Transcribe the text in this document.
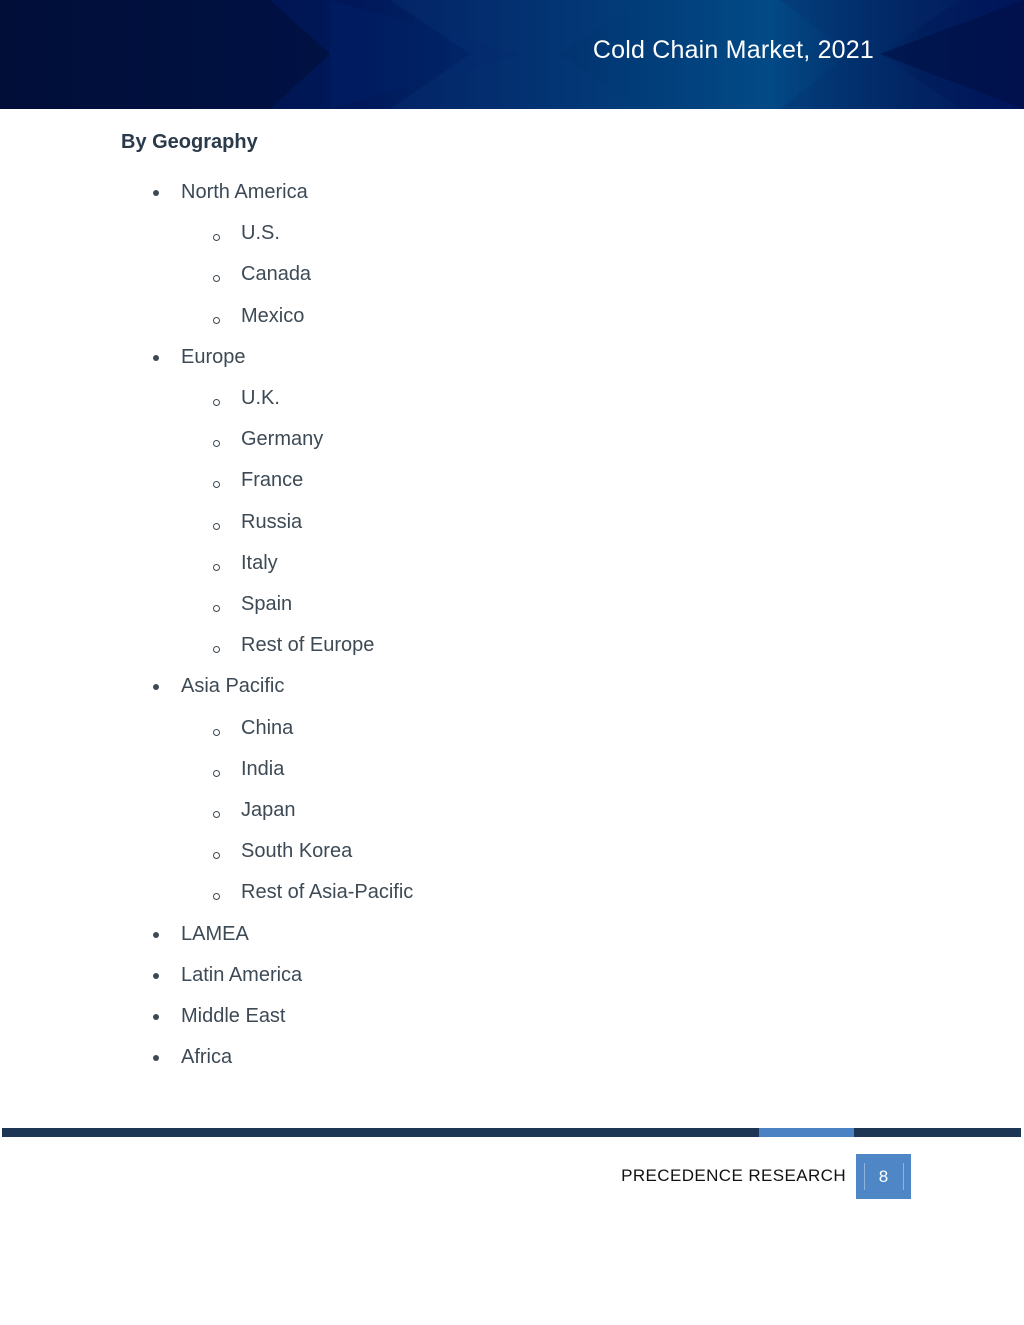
Cold Chain Market, 2021
By Geography
North America
U.S.
Canada
Mexico
Europe
U.K.
Germany
France
Russia
Italy
Spain
Rest of Europe
Asia Pacific
China
India
Japan
South Korea
Rest of Asia-Pacific
LAMEA
Latin America
Middle East
Africa
PRECEDENCE RESEARCH	8
